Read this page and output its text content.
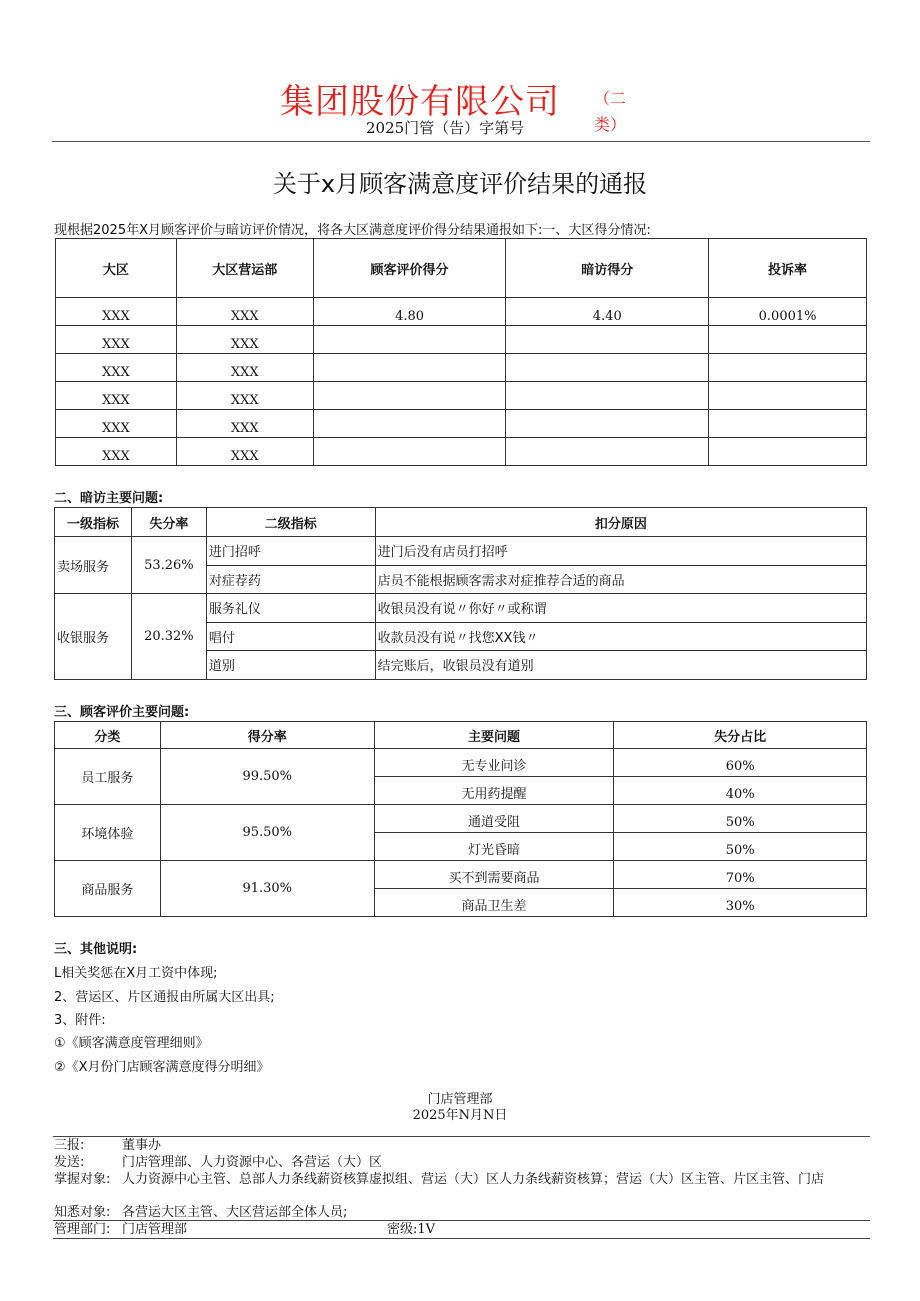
集团股份有限公司	（二
类）
2025门管（告）字第号
关于x月顾客满意度评价结果的通报
现根据2025年X月顾客评价与暗访评价情况，将各大区满意度评价得分结果通报如下:一、大区得分情况:
大区	大区营运部	顾客评价得分	暗访得分	投诉率
XXX	XXX	4.80	4.40	0.0001%
XXX	XXX			
XXX	XXX			
XXX	XXX			
XXX	XXX			
XXX	XXX			
二、暗访主要问题:
一级指标	失分率	二级指标	扣分原因
卖场服务	53.26%	进门招呼	进门后没有店员打招呼
		对症荐药	店员不能根据顾客需求对症推荐合适的商品
收银服务	20.32%	服务礼仪	收银员没有说〃你好〃或称谓
		唱付	收款员没有说〃找您XX钱〃
		道别	结完账后，收银员没有道别
三、顾客评价主要问题:
分类	得分率	主要问题	失分占比
员工服务	99.50%	无专业问诊	60%
		无用药提醒	40%
环境体验	95.50%	通道受阻	50%
		灯光昏暗	50%
商品服务	91.30%	买不到需要商品	70%
		商品卫生差	30%
三、其他说明:
L相关奖惩在X月工资中体现;
2、营运区、片区通报由所属大区出具;
3、附件:
①《顾客满意度管理细则》
②《X月份门店顾客满意度得分明细》
门店管理部
2025年N月N日
三报:	董事办
发送:	门店管理部、人力资源中心、各营运（大）区
掌握对象: 人力资源中心主管、总部人力条线薪资核算虚拟组、营运（大）区人力条线薪资核算；营运（大）区主管、片区主管、门店
知悉对象: 各营运大区主管、大区营运部全体人员;
管理部门: 门店管理部	密级:1V
